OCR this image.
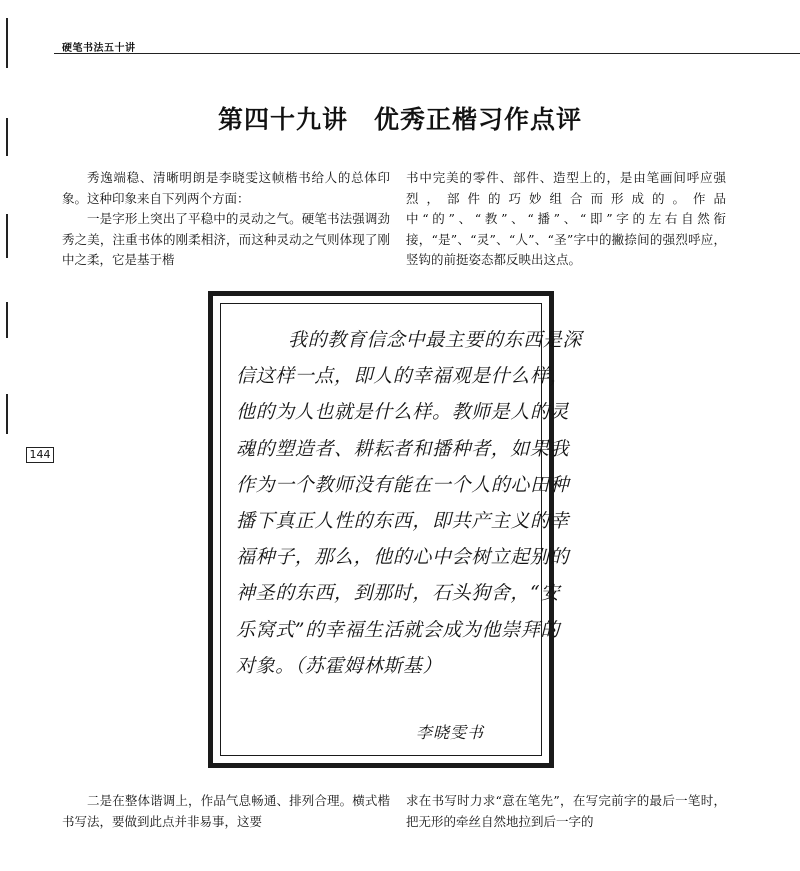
硬笔书法五十讲
144
第四十九讲 优秀正楷习作点评

秀逸端稳、清晰明朗是李晓雯这帧楷书给人的总体印象。这种印象来自下列两个方面：

一是字形上突出了平稳中的灵动之气。硬笔书法强调劲秀之美，注重书体的刚柔相济，而这种灵动之气则体现了刚中之柔，它是基于楷

书中完美的零件、部件、造型上的，是由笔画间呼应强烈，部件的巧妙组合而形成的。作品中“的”、“教”、“播”、“即”字的左右自然衔接，“是”、“灵”、“人”、“圣”字中的撇捺间的强烈呼应，竖钩的前挺姿态都反映出这点。

我的教育信念中最主要的东西是深
信这样一点，即人的幸福观是什么样，
他的为人也就是什么样。教师是人的灵
魂的塑造者、耕耘者和播种者，如果我
作为一个教师没有能在一个人的心田种
播下真正人性的东西，即共产主义的幸
福种子，那么，他的心中会树立起别的
神圣的东西，到那时，石头狗舍，“安
乐窝式”的幸福生活就会成为他崇拜的
对象。（苏霍姆林斯基）
李晓雯书

二是在整体谐调上，作品气息畅通、排列合理。横式楷书写法，要做到此点并非易事，这要

求在书写时力求“意在笔先”，在写完前字的最后一笔时，把无形的牵丝自然地拉到后一字的
